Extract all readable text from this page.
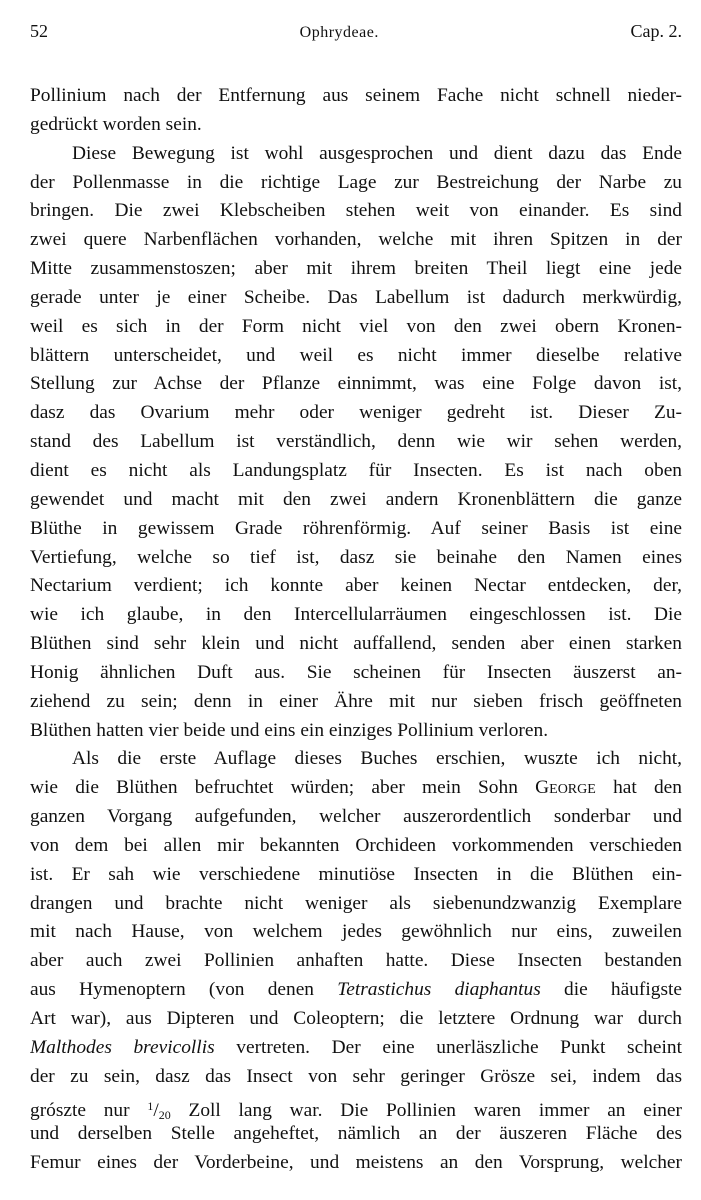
52	Ophrydeae.	Cap. 2.
Pollinium nach der Entfernung aus seinem Fache nicht schnell nieder-
gedrückt worden sein.
Diese Bewegung ist wohl ausgesprochen und dient dazu das Ende
der Pollenmasse in die richtige Lage zur Bestreichung der Narbe zu
bringen. Die zwei Klebscheiben stehen weit von einander. Es sind
zwei quere Narbenflächen vorhanden, welche mit ihren Spitzen in der
Mitte zusammenstoszen; aber mit ihrem breiten Theil liegt eine jede
gerade unter je einer Scheibe. Das Labellum ist dadurch merkwürdig,
weil es sich in der Form nicht viel von den zwei obern Kronen-
blättern unterscheidet, und weil es nicht immer dieselbe relative
Stellung zur Achse der Pflanze einnimmt, was eine Folge davon ist,
dasz das Ovarium mehr oder weniger gedreht ist. Dieser Zu-
stand des Labellum ist verständlich, denn wie wir sehen werden,
dient es nicht als Landungsplatz für Insecten. Es ist nach oben
gewendet und macht mit den zwei andern Kronenblättern die ganze
Blüthe in gewissem Grade röhrenförmig. Auf seiner Basis ist eine
Vertiefung, welche so tief ist, dasz sie beinahe den Namen eines
Nectarium verdient; ich konnte aber keinen Nectar entdecken, der,
wie ich glaube, in den Intercellularräumen eingeschlossen ist. Die
Blüthen sind sehr klein und nicht auffallend, senden aber einen starken
Honig ähnlichen Duft aus. Sie scheinen für Insecten äuszerst an-
ziehend zu sein; denn in einer Ähre mit nur sieben frisch geöffneten
Blüthen hatten vier beide und eins ein einziges Pollinium verloren.
Als die erste Auflage dieses Buches erschien, wuszte ich nicht,
wie die Blüthen befruchtet würden; aber mein Sohn George hat den
ganzen Vorgang aufgefunden, welcher auszerordentlich sonderbar und
von dem bei allen mir bekannten Orchideen vorkommenden verschieden
ist. Er sah wie verschiedene minutiöse Insecten in die Blüthen ein-
drangen und brachte nicht weniger als siebenundzwanzig Exemplare
mit nach Hause, von welchem jedes gewöhnlich nur eins, zuweilen
aber auch zwei Pollinien anhaften hatte. Diese Insecten bestanden
aus Hymenoptern (von denen Tetrastichus diaphantus die häufigste
Art war), aus Dipteren und Coleoptern; die letztere Ordnung war durch
Malthodes brevicollis vertreten. Der eine unerläszliche Punkt scheint
der zu sein, dasz das Insect von sehr geringer Grösze sei, indem das
grószte nur $^1/_{20}$ Zoll lang war. Die Pollinien waren immer an einer
und derselben Stelle angeheftet, nämlich an der äuszeren Fläche des
Femur eines der Vorderbeine, und meistens an den Vorsprung, welcher
